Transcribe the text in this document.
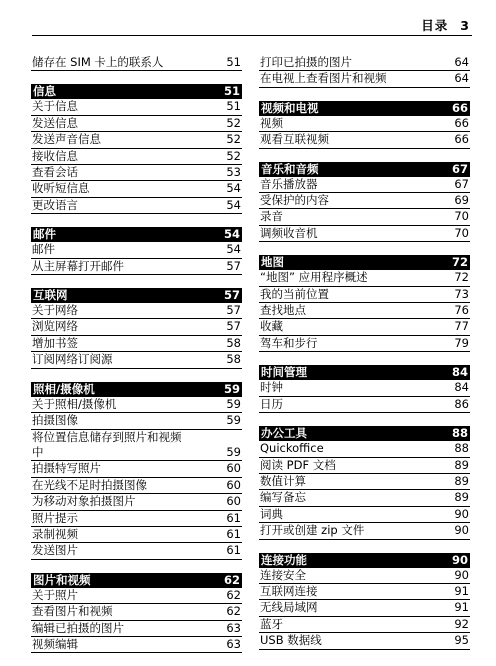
目录 3
储存在 SIM 卡上的联系人	51
信息	51
关于信息	51
发送信息	52
发送声音信息	52
接收信息	52
查看会话	53
收听短信息	54
更改语言	54
邮件	54
邮件	54
从主屏幕打开邮件	57
互联网	57
关于网络	57
浏览网络	57
增加书签	58
订阅网络订阅源	58
照相/摄像机	59
关于照相/摄像机	59
拍摄图像	59
将位置信息储存到照片和视频
中	59
拍摄特写照片	60
在光线不足时拍摄图像	60
为移动对象拍摄图片	60
照片提示	61
录制视频	61
发送图片	61
图片和视频	62
关于照片	62
查看图片和视频	62
编辑已拍摄的图片	63
视频编辑	63
打印已拍摄的图片	64
在电视上查看图片和视频	64
视频和电视	66
视频	66
观看互联视频	66
音乐和音频	67
音乐播放器	67
受保护的内容	69
录音	70
调频收音机	70
地图	72
“地图” 应用程序概述	72
我的当前位置	73
查找地点	76
收藏	77
驾车和步行	79
时间管理	84
时钟	84
日历	86
办公工具	88
Quickoffice	88
阅读 PDF 文档	89
数值计算	89
编写备忘	89
词典	90
打开或创建 zip 文件	90
连接功能	90
连接安全	90
互联网连接	91
无线局域网	91
蓝牙	92
USB 数据线	95
